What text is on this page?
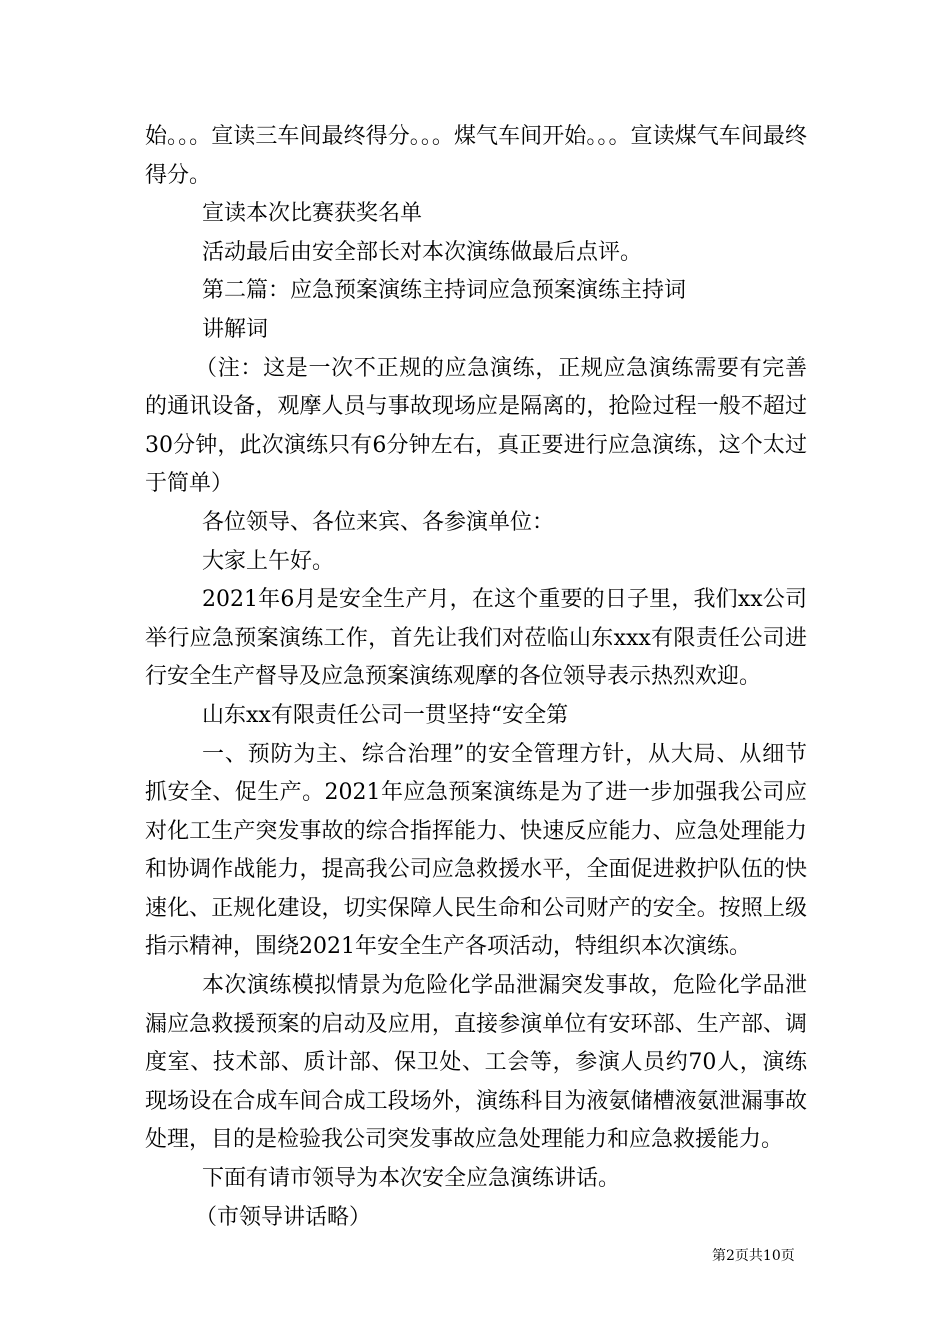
始。。。宣读三车间最终得分。。。煤气车间开始。。。宣读煤气车间最终得分。

宣读本次比赛获奖名单

活动最后由安全部长对本次演练做最后点评。

第二篇：应急预案演练主持词应急预案演练主持词

讲解词

（注：这是一次不正规的应急演练，正规应急演练需要有完善的通讯设备，观摩人员与事故现场应是隔离的，抢险过程一般不超过30分钟，此次演练只有6分钟左右，真正要进行应急演练，这个太过于简单）

各位领导、各位来宾、各参演单位：

大家上午好。

2021年6月是安全生产月，在这个重要的日子里，我们xx公司举行应急预案演练工作，首先让我们对莅临山东xxx有限责任公司进行安全生产督导及应急预案演练观摩的各位领导表示热烈欢迎。

山东xx有限责任公司一贯坚持“安全第

一、预防为主、综合治理”的安全管理方针，从大局、从细节抓安全、促生产。2021年应急预案演练是为了进一步加强我公司应对化工生产突发事故的综合指挥能力、快速反应能力、应急处理能力和协调作战能力，提高我公司应急救援水平，全面促进救护队伍的快速化、正规化建设，切实保障人民生命和公司财产的安全。按照上级指示精神，围绕2021年安全生产各项活动，特组织本次演练。

本次演练模拟情景为危险化学品泄漏突发事故，危险化学品泄漏应急救援预案的启动及应用，直接参演单位有安环部、生产部、调度室、技术部、质计部、保卫处、工会等，参演人员约70人，演练现场设在合成车间合成工段场外，演练科目为液氨储槽液氨泄漏事故处理，目的是检验我公司突发事故应急处理能力和应急救援能力。

下面有请市领导为本次安全应急演练讲话。

（市领导讲话略）

第2页共10页
